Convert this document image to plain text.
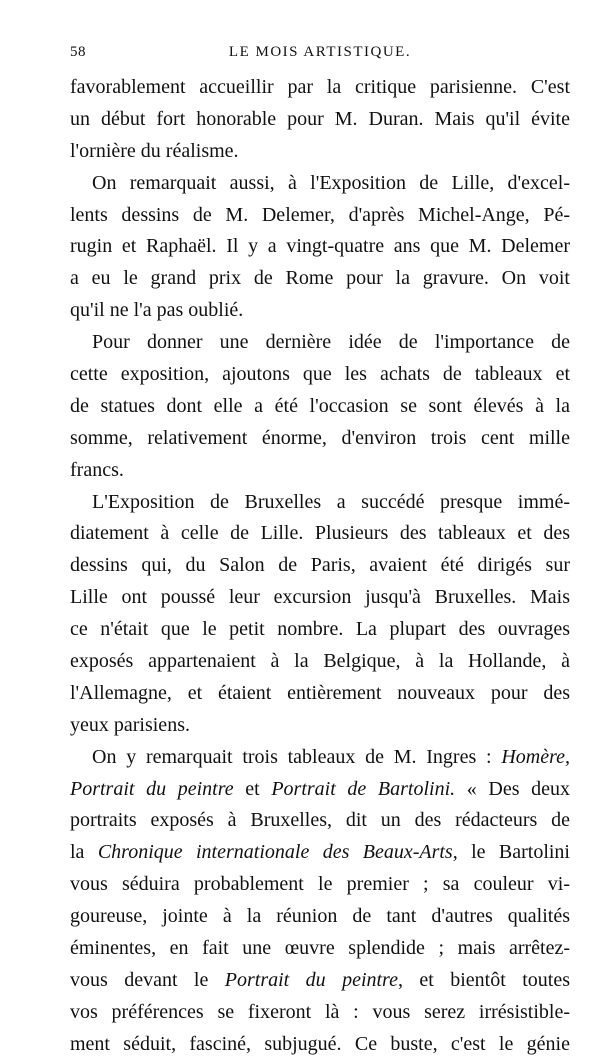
58	LE MOIS ARTISTIQUE.
favorablement accueillir par la critique parisienne. C'est
un début fort honorable pour M. Duran. Mais qu'il évite
l'ornière du réalisme.
On remarquait aussi, à l'Exposition de Lille, d'excel-
lents dessins de M. Delemer, d'après Michel-Ange, Pé-
rugin et Raphaël. Il y a vingt-quatre ans que M. Delemer
a eu le grand prix de Rome pour la gravure. On voit
qu'il ne l'a pas oublié.
Pour donner une dernière idée de l'importance de
cette exposition, ajoutons que les achats de tableaux et
de statues dont elle a été l'occasion se sont élevés à la
somme, relativement énorme, d'environ trois cent mille
francs.
L'Exposition de Bruxelles a succédé presque immé-
diatement à celle de Lille. Plusieurs des tableaux et des
dessins qui, du Salon de Paris, avaient été dirigés sur
Lille ont poussé leur excursion jusqu'à Bruxelles. Mais
ce n'était que le petit nombre. La plupart des ouvrages
exposés appartenaient à la Belgique, à la Hollande, à
l'Allemagne, et étaient entièrement nouveaux pour des
yeux parisiens.
On y remarquait trois tableaux de M. Ingres : Homère,
Portrait du peintre et Portrait de Bartolini. « Des deux
portraits exposés à Bruxelles, dit un des rédacteurs de
la Chronique internationale des Beaux-Arts, le Bartolini
vous séduira probablement le premier ; sa couleur vi-
goureuse, jointe à la réunion de tant d'autres qualités
éminentes, en fait une œuvre splendide ; mais arrêtez-
vous devant le Portrait du peintre, et bientôt toutes
vos préférences se fixeront là : vous serez irrésistible-
ment séduit, fasciné, subjugué. Ce buste, c'est le génie
